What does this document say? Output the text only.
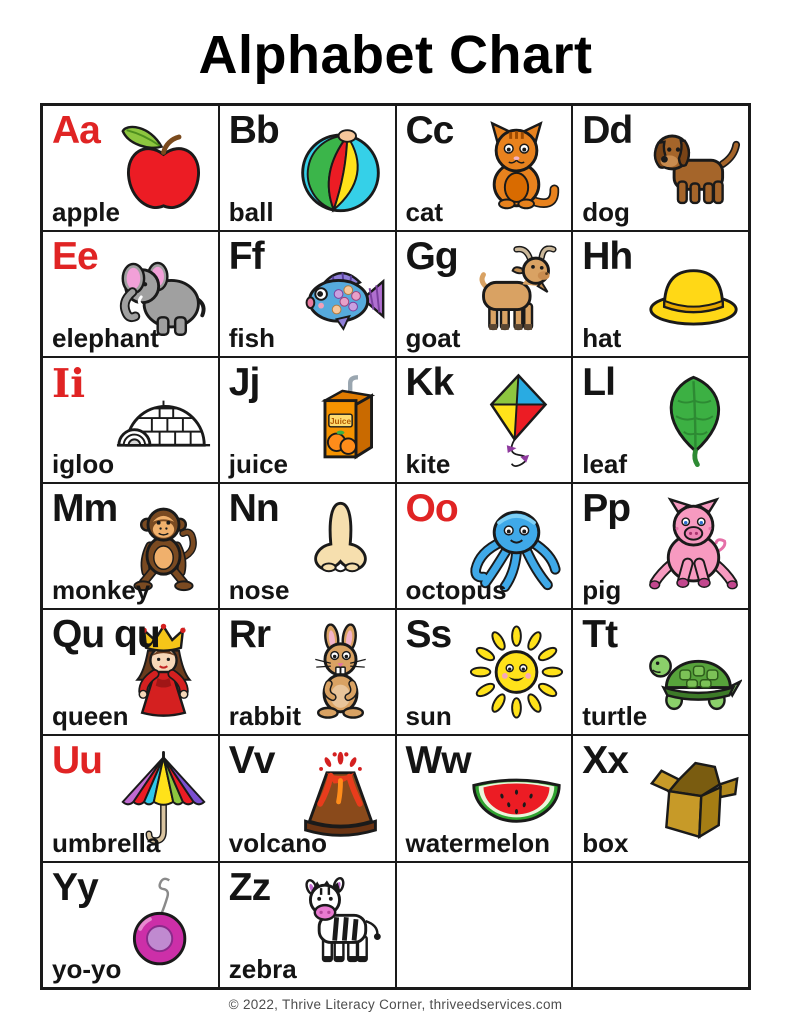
Alphabet Chart
Aa
apple
Bb
ball
Cc
cat
Dd
dog
Ee
elephant
Ff
fish
Gg
goat
Hh
hat
Ii
igloo
Jj
Juice
juice
Kk
kite
Ll
leaf
Mm
monkey
Nn
nose
Oo
octopus
Pp
pig
Qu qu
queen
Rr
rabbit
Ss
sun
Tt
turtle
Uu
umbrella
Vv
volcano
Ww
watermelon
Xx
box
Yy
yo-yo
Zz
zebra
© 2022, Thrive Literacy Corner, thriveedservices.com
